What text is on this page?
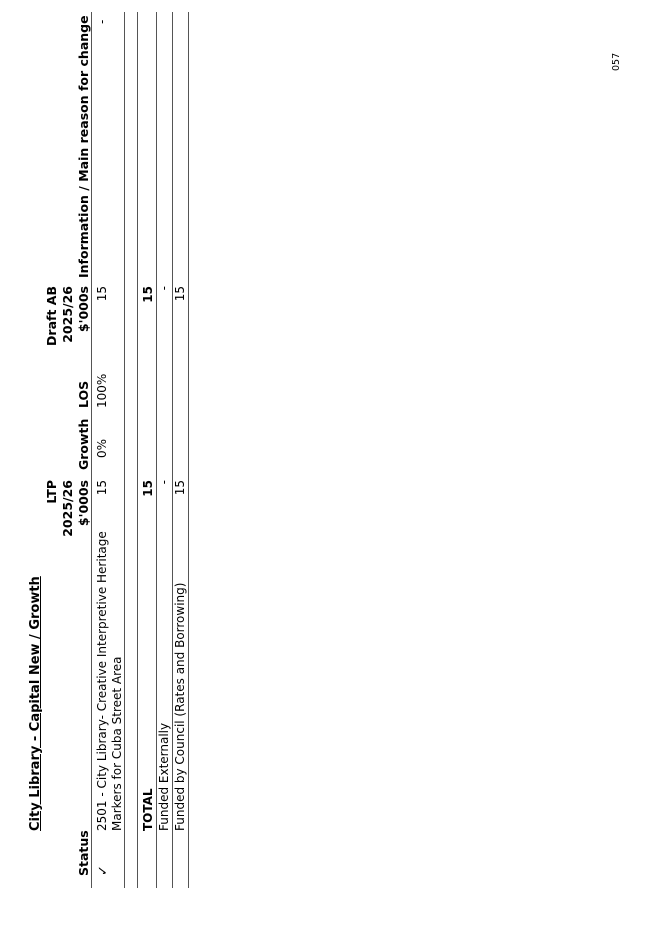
City Library - Capital New / Growth
Status
LTP 2025/26 $'000s
Growth
LOS
Draft AB 2025/26 $'000s
Information / Main reason for change
✓
2501 - City Library- Creative Interpretive Heritage Markers for Cuba Street Area
15
0%
100%
15
-
TOTAL
15
15
Funded Externally
-
-
Funded by Council (Rates and Borrowing)
15
15
057
